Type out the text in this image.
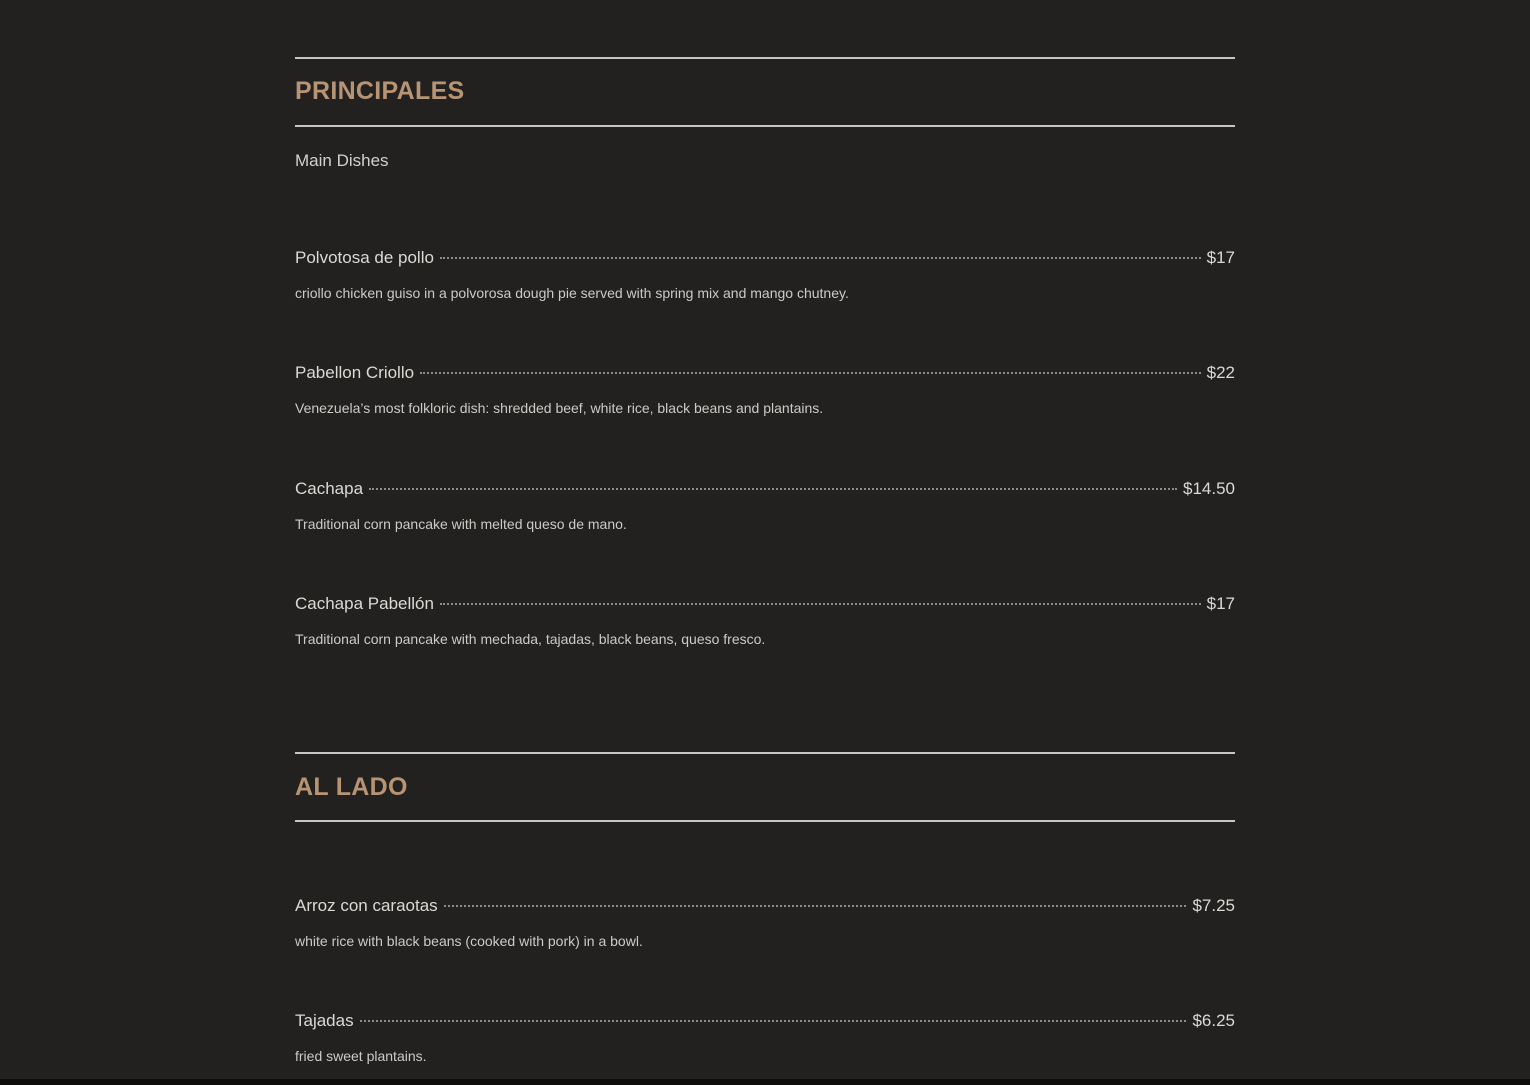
PRINCIPALES
Main Dishes
Polvotosa de pollo	$17
criollo chicken guiso in a polvorosa dough pie served with spring mix and mango chutney.
Pabellon Criollo	$22
Venezuela’s most folkloric dish: shredded beef, white rice, black beans and plantains.
Cachapa	$14.50
Traditional corn pancake with melted queso de mano.
Cachapa Pabellón	$17
Traditional corn pancake with mechada, tajadas, black beans, queso fresco.
AL LADO
Arroz con caraotas	$7.25
white rice with black beans (cooked with pork) in a bowl.
Tajadas	$6.25
fried sweet plantains.
